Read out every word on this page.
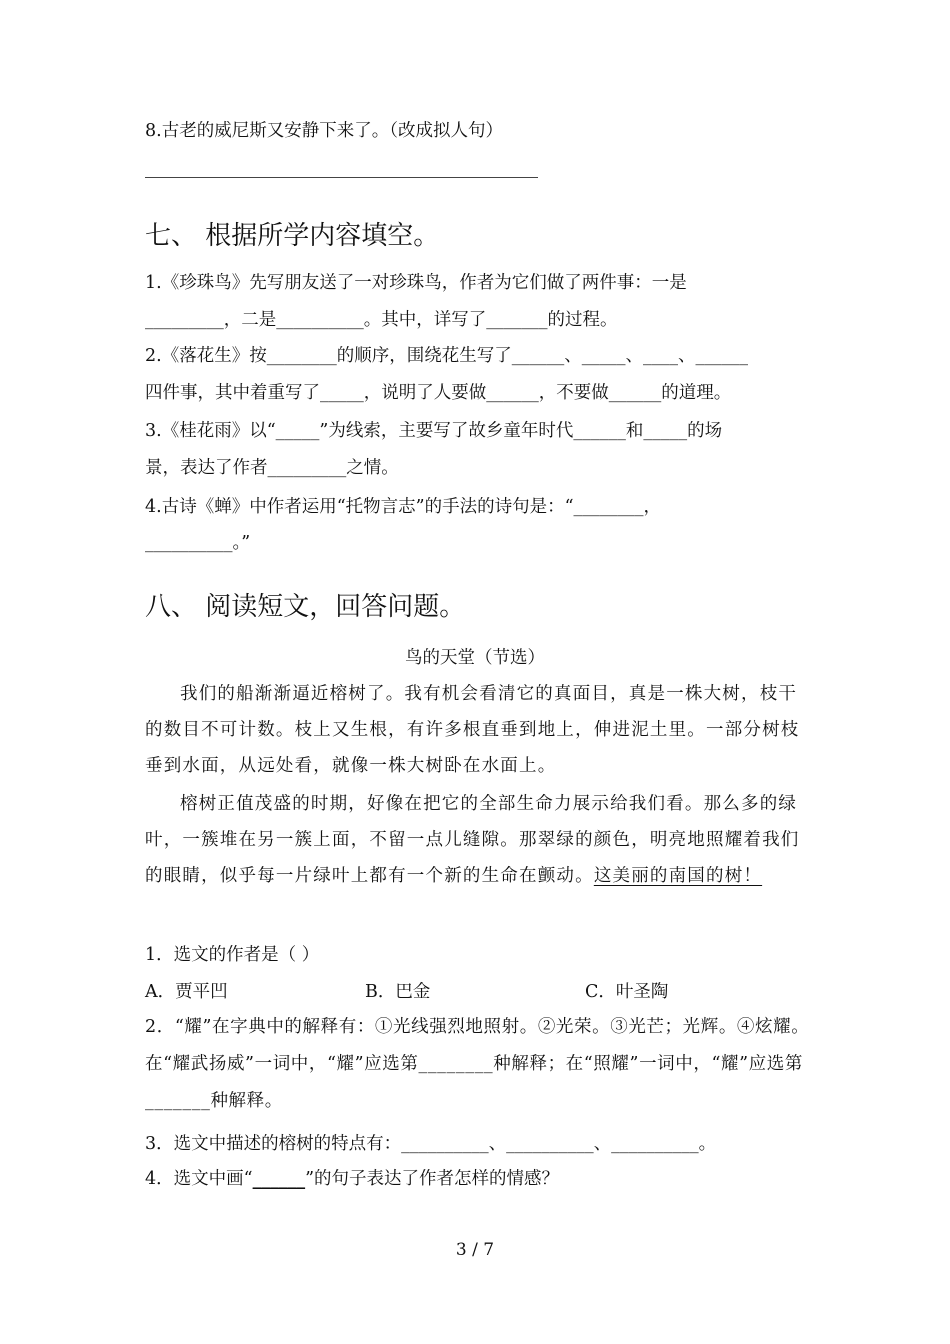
8.古老的威尼斯又安静下来了。（改成拟人句）
七、 根据所学内容填空。
1.《珍珠鸟》先写朋友送了一对珍珠鸟，作者为它们做了两件事：一是
_________，二是__________。其中，详写了_______的过程。
2.《落花生》按________的顺序，围绕花生写了______、_____、____、______
四件事，其中着重写了_____，说明了人要做______，不要做______的道理。
3.《桂花雨》以“_____”为线索，主要写了故乡童年时代______和_____的场
景，表达了作者_________之情。
4.古诗《蝉》中作者运用“托物言志”的手法的诗句是：“________，
__________。”
八、 阅读短文，回答问题。
鸟的天堂（节选）
我们的船渐渐逼近榕树了。我有机会看清它的真面目，真是一株大树，枝干的数目不可计数。枝上又生根，有许多根直垂到地上，伸进泥土里。一部分树枝垂到水面，从远处看，就像一株大树卧在水面上。
榕树正值茂盛的时期，好像在把它的全部生命力展示给我们看。那么多的绿叶，一簇堆在另一簇上面，不留一点儿缝隙。那翠绿的颜色，明亮地照耀着我们的眼睛，似乎每一片绿叶上都有一个新的生命在颤动。这美丽的南国的树！
1．选文的作者是（ ）
A．贾平凹	B．巴金	C．叶圣陶
2．“耀”在字典中的解释有：①光线强烈地照射。②光荣。③光芒；光辉。④炫耀。在“耀武扬威”一词中，“耀”应选第________种解释；在“照耀”一词中，“耀”应选第_______种解释。
3．选文中描述的榕树的特点有：__________、__________、__________。
4．选文中画“______”的句子表达了作者怎样的情感？
3 / 7
